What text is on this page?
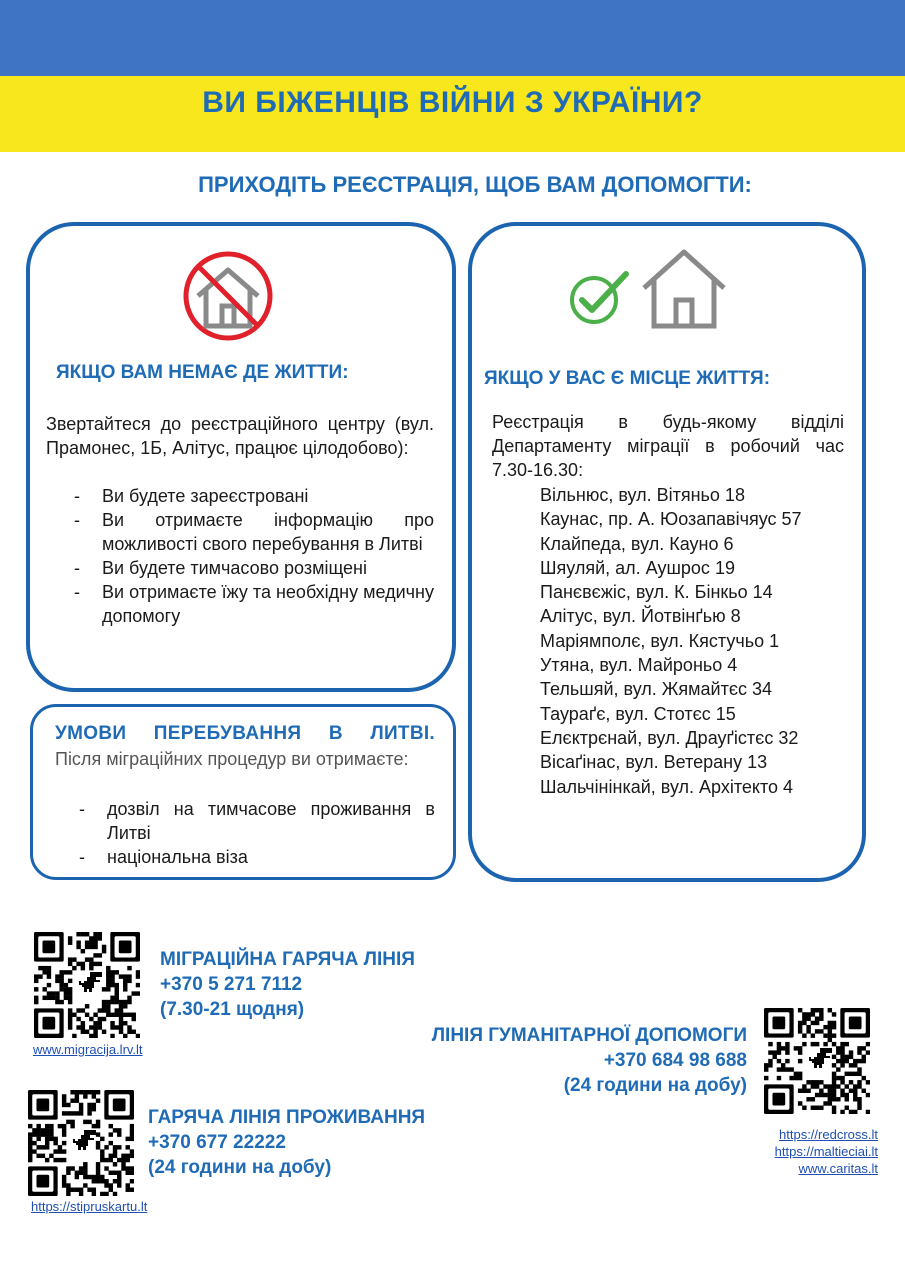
ВИ БІЖЕНЦІВ ВІЙНИ З УКРАЇНИ?
ПРИХОДІТЬ РЕЄСТРАЦІЯ, ЩОБ ВАМ ДОПОМОГТИ:
ЯКЩО ВАМ НЕМАЄ ДЕ ЖИТТИ:

Звертайтеся до реєстраційного центру (вул. Прамонес, 1Б, Алітус, працює цілодобово):

- Ви будете зареєстровані
- Ви отримаєте інформацію про можливості свого перебування в Литві
- Ви будете тимчасово розміщені
- Ви отримаєте їжу та необхідну медичну допомогу
ЯКЩО У ВАС Є МІСЦЕ ЖИТТЯ:

Реєстрація в будь-якому відділі Департаменту міграції в робочий час 7.30-16.30:

Вільнюс, вул. Вітяньо 18
Каунас, пр. А. Юозапавічяус 57
Клайпеда, вул. Кауно 6
Шяуляй, ал. Аушрос 19
Панєвєжіс, вул. К. Бінкьо 14
Алітус, вул. Йотвінґью 8
Маріямполє, вул. Кястучьо 1
Утяна, вул. Майроньо 4
Тельшяй, вул. Жямайтєс 34
Таураґє, вул. Стотєс 15
Елєктрєнай, вул. Драуґістєс 32
Вісаґінас, вул. Ветерану 13
Шальчінінкай, вул. Архітекто 4
УМОВИ ПЕРЕБУВАННЯ В ЛИТВІ.

Після міграційних процедур ви отримаєте:

- дозвіл на тимчасове проживання в Литві
- національна віза

МІГРАЦІЙНА ГАРЯЧА ЛІНІЯ

+370 5 271 7112

(7.30-21 щодня)

www.migracija.lrv.lt

ЛІНІЯ ГУМАНІТАРНОЇ ДОПОМОГИ

+370 684 98 688

(24 години на добу)

https://redcross.lt

https://maltieciai.lt

www.caritas.lt

ГАРЯЧА ЛІНІЯ ПРОЖИВАННЯ

+370 677 22222

(24 години на добу)

https://stipruskartu.lt
